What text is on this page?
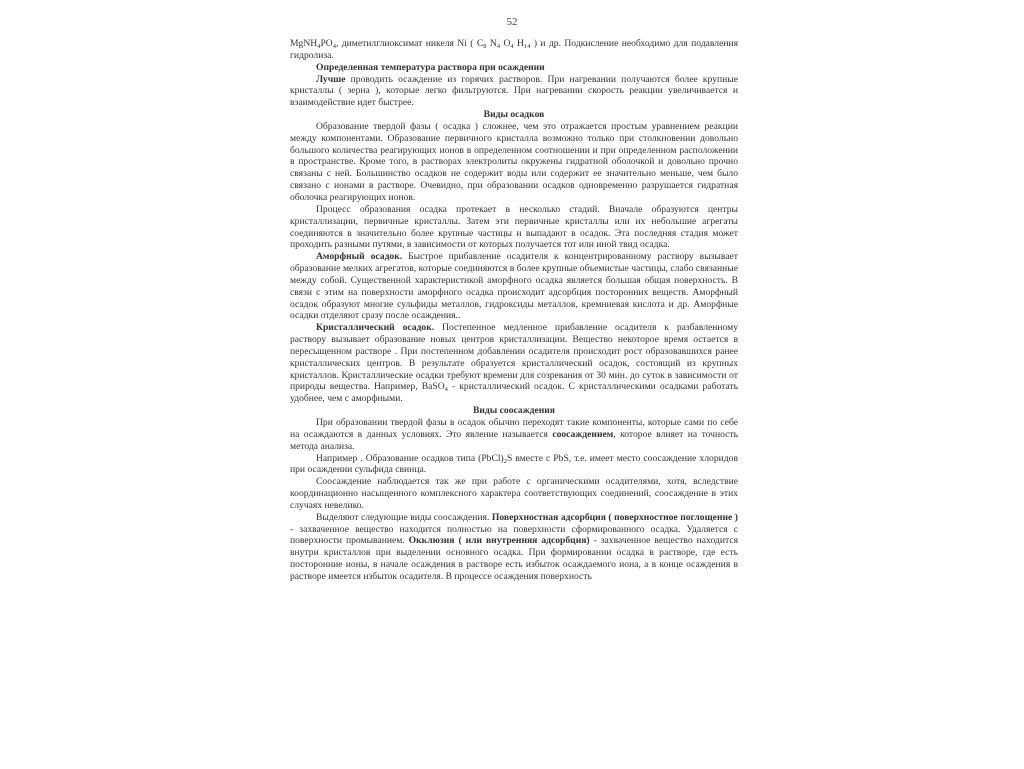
52

$MgNH_4PO_4$, диметилглиоксимат никеля Ni ( $C_8$ $N_4$ $O_4$ $H_{14}$ ) и др. Подкисление необходимо для подавления гидролиза.

Определенная температура раствора при осаждении

Лучше проводить осаждение из горячих растворов. При нагревании получаются более крупные кристаллы ( зерна ), которые легко фильтруются. При нагревании скорость реакции увеличивается и взаимодействие идет быстрее.

Виды осадков

Образование твердой фазы ( осадка ) сложнее, чем это отражается простым уравнением реакции между компонентами. Образование первичного кристалла возможно только при столкновении довольно большого количества реагирующих ионов в определенном соотношении и при определенном расположении в пространстве. Кроме того, в растворах электролиты окружены гидратной оболочкой и довольно прочно связаны с ней. Большинство осадков не содержит воды или содержит ее значительно меньше, чем было связано с ионами в растворе. Очевидно, при образовании осадков одновременно разрушается гидратная оболочка реагирующих ионов.

Процесс образования осадка протекает в несколько стадий. Вначале образуются центры кристаллизации, первичные кристаллы. Затем эти первичные кристаллы или их небольшие агрегаты соединяются в значительно более крупные частицы и выпадают в осадок. Эта последняя стадия может проходить разными путями, в зависимости от которых получается тот или иной твид осадка.

Аморфный осадок. Быстрое прибавление осадителя к концентрированному раствору вызывает образование мелких агрегатов, которые соединяются в более крупные объемистые частицы, слабо связанные между собой. Существенной характеристикой аморфного осадка является большая общая поверхность. В связи с этим на поверхности аморфного осадка происходит адсорбция посторонних веществ. Аморфный осадок образуют многие сульфиды металлов, гидроксиды металлов, кремниевая кислота и др. Аморфные осадки отделяют сразу после осаждения..

Кристаллический осадок. Постепенное медленное прибавление осадителя к разбавленному раствору вызывает образование новых центров кристаллизации. Вещество некоторое время остается в пересыщенном растворе . При постепенном добавлении осадителя происходит рост образовавшихся ранее кристаллических центров. В результате образуется кристаллический осадок, состоящий из крупных кристаллов. Кристаллические осадки требуют времени для созревания от 30 мин. до суток в зависимости от природы вещества. Например, BaSO$_4$ - кристаллический осадок. С кристаллическими осадками работать удобнее, чем с аморфными.

Виды соосаждения

При образовании твердой фазы в осадок обычно переходят такие компоненты, которые сами по себе на осаждаются в данных условиях. Это явление называется соосаждением, которое влияет на точность метода анализа.

Например . Образование осадков типа $(PbCl)_2S$ вместе с PbS, т.е. имеет место соосаждение хлоридов при осаждении сульфида свинца.

Соосаждение наблюдается так же при работе с органическими осадителями, хотя, вследствие координационно насыщенного комплексного характера соответствующих соединений, соосаждение в этих случаях невелико.

Выделяют следующие виды соосаждения. Поверхностная адсорбция ( поверхностное поглощение ) - захваченное вещество находится полностью на поверхности сформированного осадка. Удаляется с поверхности промыванием. Окклюзия ( или внутренняя адсорбция) - захваченное вещество находится внутри кристаллов при выделении основного осадка. При формировании осадка в растворе, где есть посторонние ионы, в начале осаждения в растворе есть избыток осаждаемого иона, а в конце осаждения в растворе имеется избыток осадителя. В процессе осаждения поверхность
